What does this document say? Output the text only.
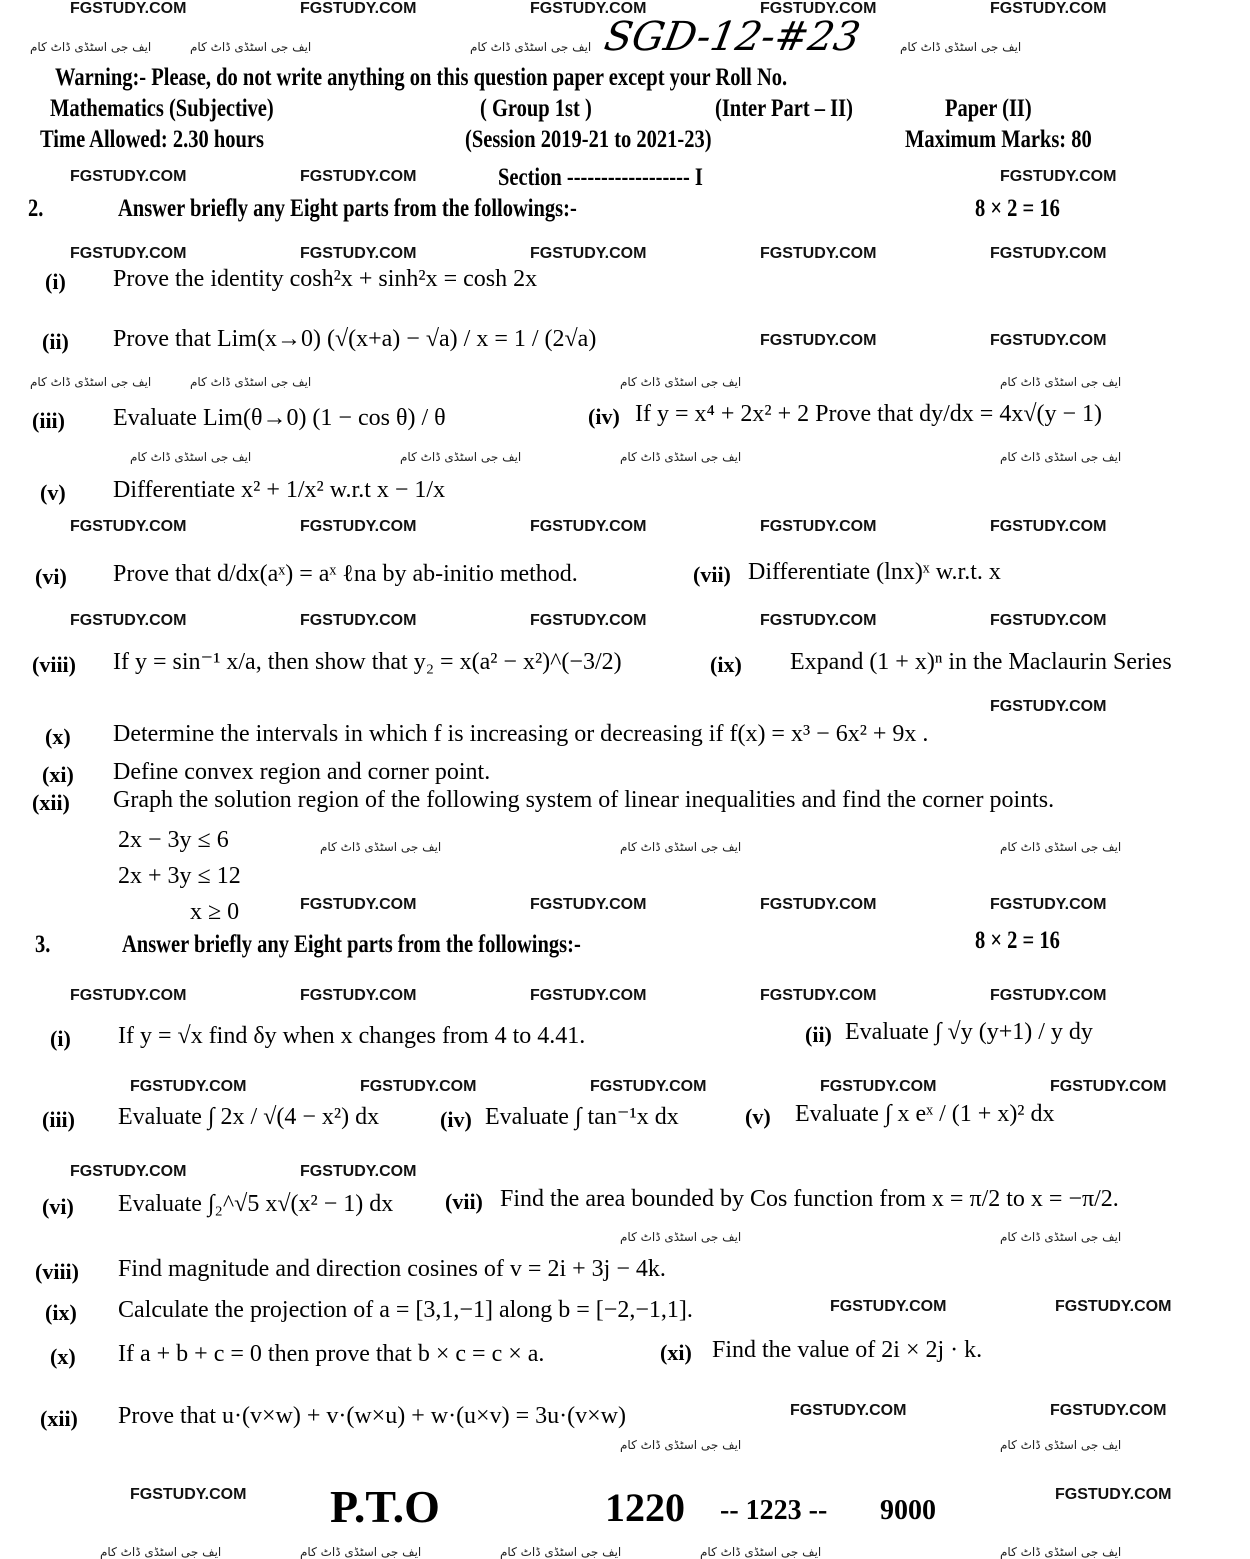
FGSTUDY.COM	FGSTUDY.COM	FGSTUDY.COM	FGSTUDY.COM	FGSTUDY.COM
FGSTUDY.COM	FGSTUDY.COM	FGSTUDY.COM
FGSTUDY.COM	FGSTUDY.COM	FGSTUDY.COM	FGSTUDY.COM	FGSTUDY.COM
FGSTUDY.COM	FGSTUDY.COM
FGSTUDY.COM	FGSTUDY.COM	FGSTUDY.COM	FGSTUDY.COM	FGSTUDY.COM
FGSTUDY.COM	FGSTUDY.COM	FGSTUDY.COM	FGSTUDY.COM	FGSTUDY.COM
FGSTUDY.COM
FGSTUDY.COM	FGSTUDY.COM	FGSTUDY.COM	FGSTUDY.COM
FGSTUDY.COM	FGSTUDY.COM	FGSTUDY.COM	FGSTUDY.COM	FGSTUDY.COM
FGSTUDY.COM	FGSTUDY.COM	FGSTUDY.COM	FGSTUDY.COM	FGSTUDY.COM
FGSTUDY.COM	FGSTUDY.COM
FGSTUDY.COM	FGSTUDY.COM
FGSTUDY.COM	FGSTUDY.COM
FGSTUDY.COM	FGSTUDY.COM
ایف جی اسٹڈی ڈاٹ کام	ایف جی اسٹڈی ڈاٹ کام	ایف جی اسٹڈی ڈاٹ کام	ایف جی اسٹڈی ڈاٹ کام
ایف جی اسٹڈی ڈاٹ کام	ایف جی اسٹڈی ڈاٹ کام	ایف جی اسٹڈی ڈاٹ کام	ایف جی اسٹڈی ڈاٹ کام
ایف جی اسٹڈی ڈاٹ کام	ایف جی اسٹڈی ڈاٹ کام	ایف جی اسٹڈی ڈاٹ کام	ایف جی اسٹڈی ڈاٹ کام
ایف جی اسٹڈی ڈاٹ کام	ایف جی اسٹڈی ڈاٹ کام	ایف جی اسٹڈی ڈاٹ کام
ایف جی اسٹڈی ڈاٹ کام	ایف جی اسٹڈی ڈاٹ کام
ایف جی اسٹڈی ڈاٹ کام	ایف جی اسٹڈی ڈاٹ کام
ایف جی اسٹڈی ڈاٹ کام	ایف جی اسٹڈی ڈاٹ کام	ایف جی اسٹڈی ڈاٹ کام	ایف جی اسٹڈی ڈاٹ کام	ایف جی اسٹڈی ڈاٹ کام
SGD-12-#23
Warning:- Please, do not write anything on this question paper except your Roll No.
Mathematics (Subjective)	( Group 1st )	(Inter Part – II)	Paper (II)
Time Allowed: 2.30 hours	(Session 2019-21 to 2021-23)	Maximum Marks: 80
Section ------------------ I
2.	Answer briefly any Eight parts from the followings:-	8 × 2 = 16
(i) Prove the identity cosh²x + sinh²x = cosh 2x
(ii) Prove that Lim(x→0) (√(x+a) − √a) / x = 1 / (2√a)
(iii) Evaluate Lim(θ→0) (1 − cos θ) / θ	(iv) If y = x⁴ + 2x² + 2 Prove that dy/dx = 4x√(y − 1)
(v) Differentiate x² + 1/x² w.r.t x − 1/x
(vi) Prove that d/dx(aˣ) = aˣ ℓna by ab-initio method.	(vii) Differentiate (lnx)ˣ w.r.t. x
(viii) If y = sin⁻¹ x/a, then show that y₂ = x(a² − x²)^(−3/2)	(ix) Expand (1 + x)ⁿ in the Maclaurin Series
(x) Determine the intervals in which f is increasing or decreasing if f(x) = x³ − 6x² + 9x .
(xi) Define convex region and corner point.
(xii) Graph the solution region of the following system of linear inequalities and find the corner points.
2x − 3y ≤ 6
2x + 3y ≤ 12
x ≥ 0
3.	Answer briefly any Eight parts from the followings:-	8 × 2 = 16
(i) If y = √x find δy when x changes from 4 to 4.41.	(ii) Evaluate ∫ √y (y+1) / y dy
(iii) Evaluate ∫ 2x / √(4 − x²) dx	(iv) Evaluate ∫ tan⁻¹x dx	(v) Evaluate ∫ x eˣ / (1 + x)² dx
(vi) Evaluate ∫₂^√5 x√(x² − 1) dx (vii) Find the area bounded by Cos function from x = π/2 to x = −π/2.
(viii) Find magnitude and direction cosines of v = 2i + 3j − 4k.
(ix) Calculate the projection of a = [3,1,−1] along b = [−2,−1,1].
(x) If a + b + c = 0 then prove that b × c = c × a.	(xi) Find the value of 2i × 2j · k.
(xii) Prove that u·(v×w) + v·(w×u) + w·(u×v) = 3u·(v×w)
P.T.O	1220 -- 1223 -- 9000
